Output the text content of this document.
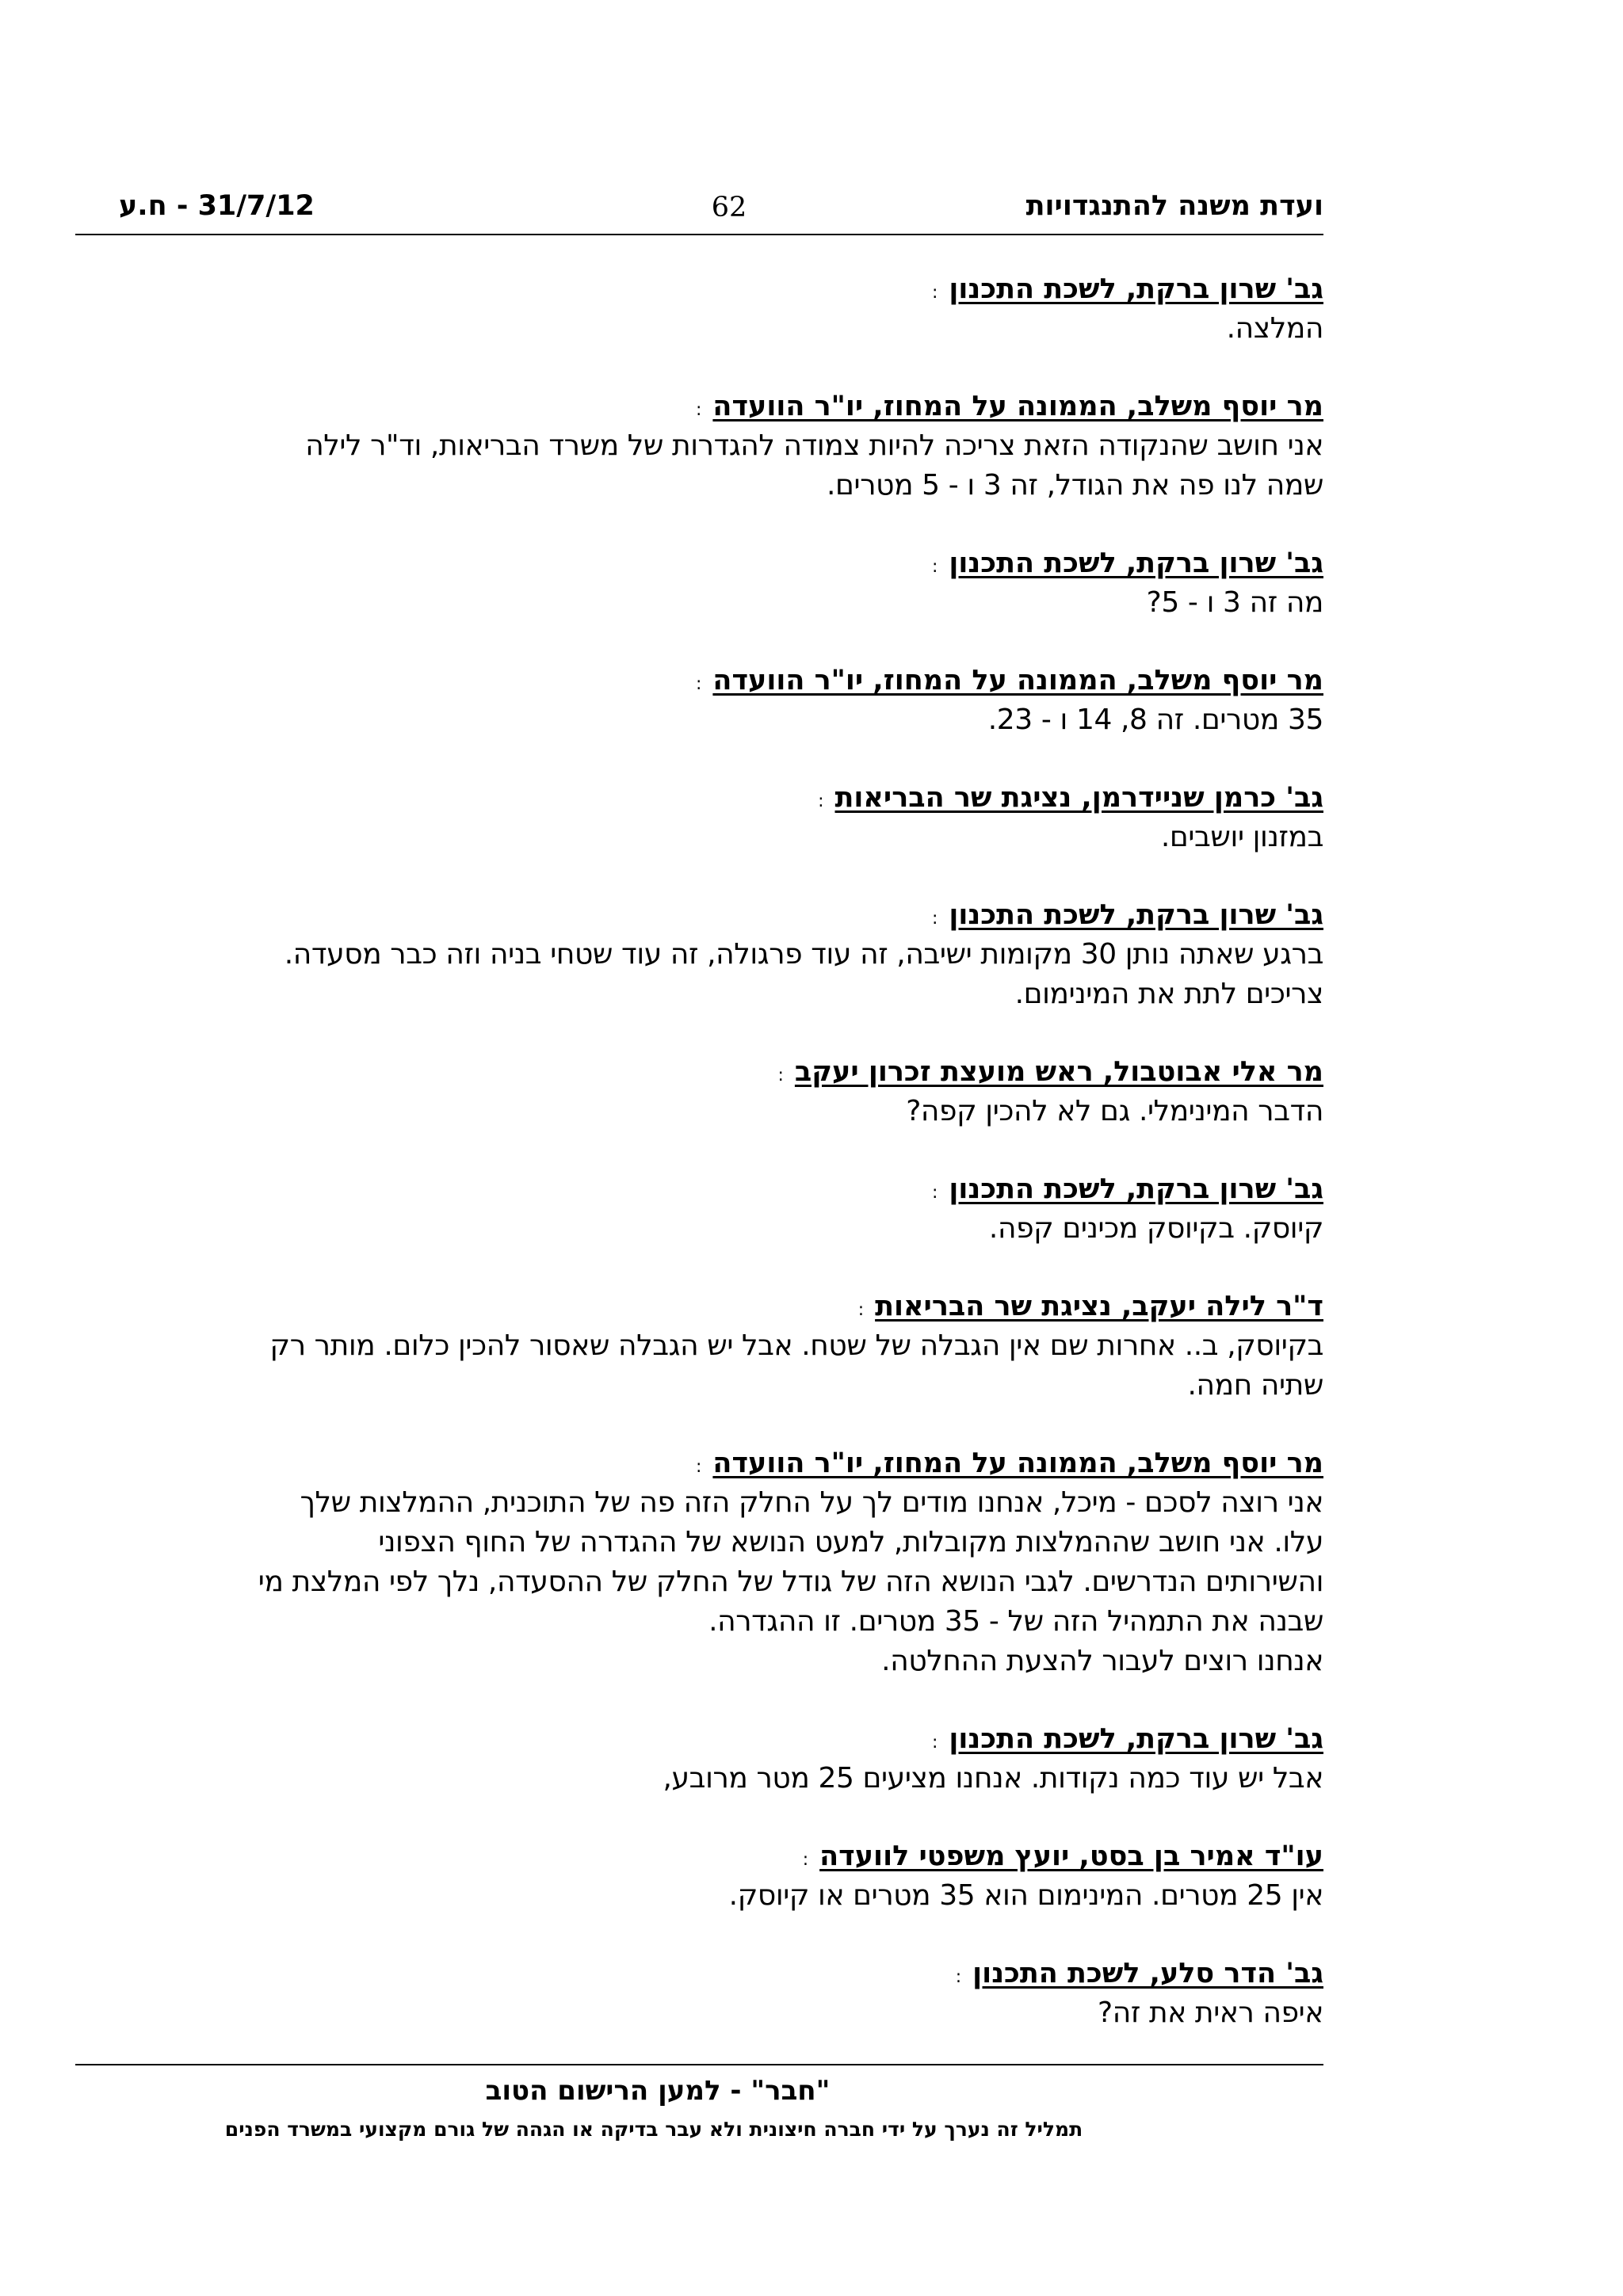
ועדת משנה להתנגדויות
62
31/7/12 - ח.ע
גב' שרון ברקת, לשכת התכנון:
המלצה.
מר יוסף משלב, הממונה על המחוז, יו"ר הוועדה:
אני חושב שהנקודה הזאת צריכה להיות צמודה להגדרות של משרד הבריאות, וד"ר לילה
שמה לנו פה את הגודל, זה 3 ו - 5 מטרים.
גב' שרון ברקת, לשכת התכנון:
מה זה 3 ו - 5?
מר יוסף משלב, הממונה על המחוז, יו"ר הוועדה:
35 מטרים. זה 8, 14 ו - 23.
גב' כרמן שניידרמן, נציגת שר הבריאות:
במזנון יושבים.
גב' שרון ברקת, לשכת התכנון:
ברגע שאתה נותן 30 מקומות ישיבה, זה עוד פרגולה, זה עוד שטחי בניה וזה כבר מסעדה.
צריכים לתת את המינימום.
מר אלי אבוטבול, ראש מועצת זכרון יעקב:
הדבר המינימלי. גם לא להכין קפה?
גב' שרון ברקת, לשכת התכנון:
קיוסק. בקיוסק מכינים קפה.
ד"ר לילה יעקב, נציגת שר הבריאות:
בקיוסק, ב.. אחרות שם אין הגבלה של שטח. אבל יש הגבלה שאסור להכין כלום. מותר רק
שתיה חמה.
מר יוסף משלב, הממונה על המחוז, יו"ר הוועדה:
אני רוצה לסכם - מיכל, אנחנו מודים לך על החלק הזה פה של התוכנית, ההמלצות שלך
עלו. אני חושב שההמלצות מקובלות, למעט הנושא של ההגדרה של החוף הצפוני
והשירותים הנדרשים. לגבי הנושא הזה של גודל של החלק של ההסעדה, נלך לפי המלצת מי
שבנה את התמהיל הזה של - 35 מטרים. זו ההגדרה.
אנחנו רוצים לעבור להצעת ההחלטה.
גב' שרון ברקת, לשכת התכנון:
אבל יש עוד כמה נקודות. אנחנו מציעים 25 מטר מרובע,
עו"ד אמיר בן בסט, יועץ משפטי לוועדה:
אין 25 מטרים. המינימום הוא 35 מטרים או קיוסק.
גב' הדר סלע, לשכת התכנון:
איפה ראית את זה?
"חבר" - למען הרישום הטוב
תמליל זה נערך על ידי חברה חיצונית ולא עבר בדיקה או הגהה של גורם מקצועי במשרד הפנים
